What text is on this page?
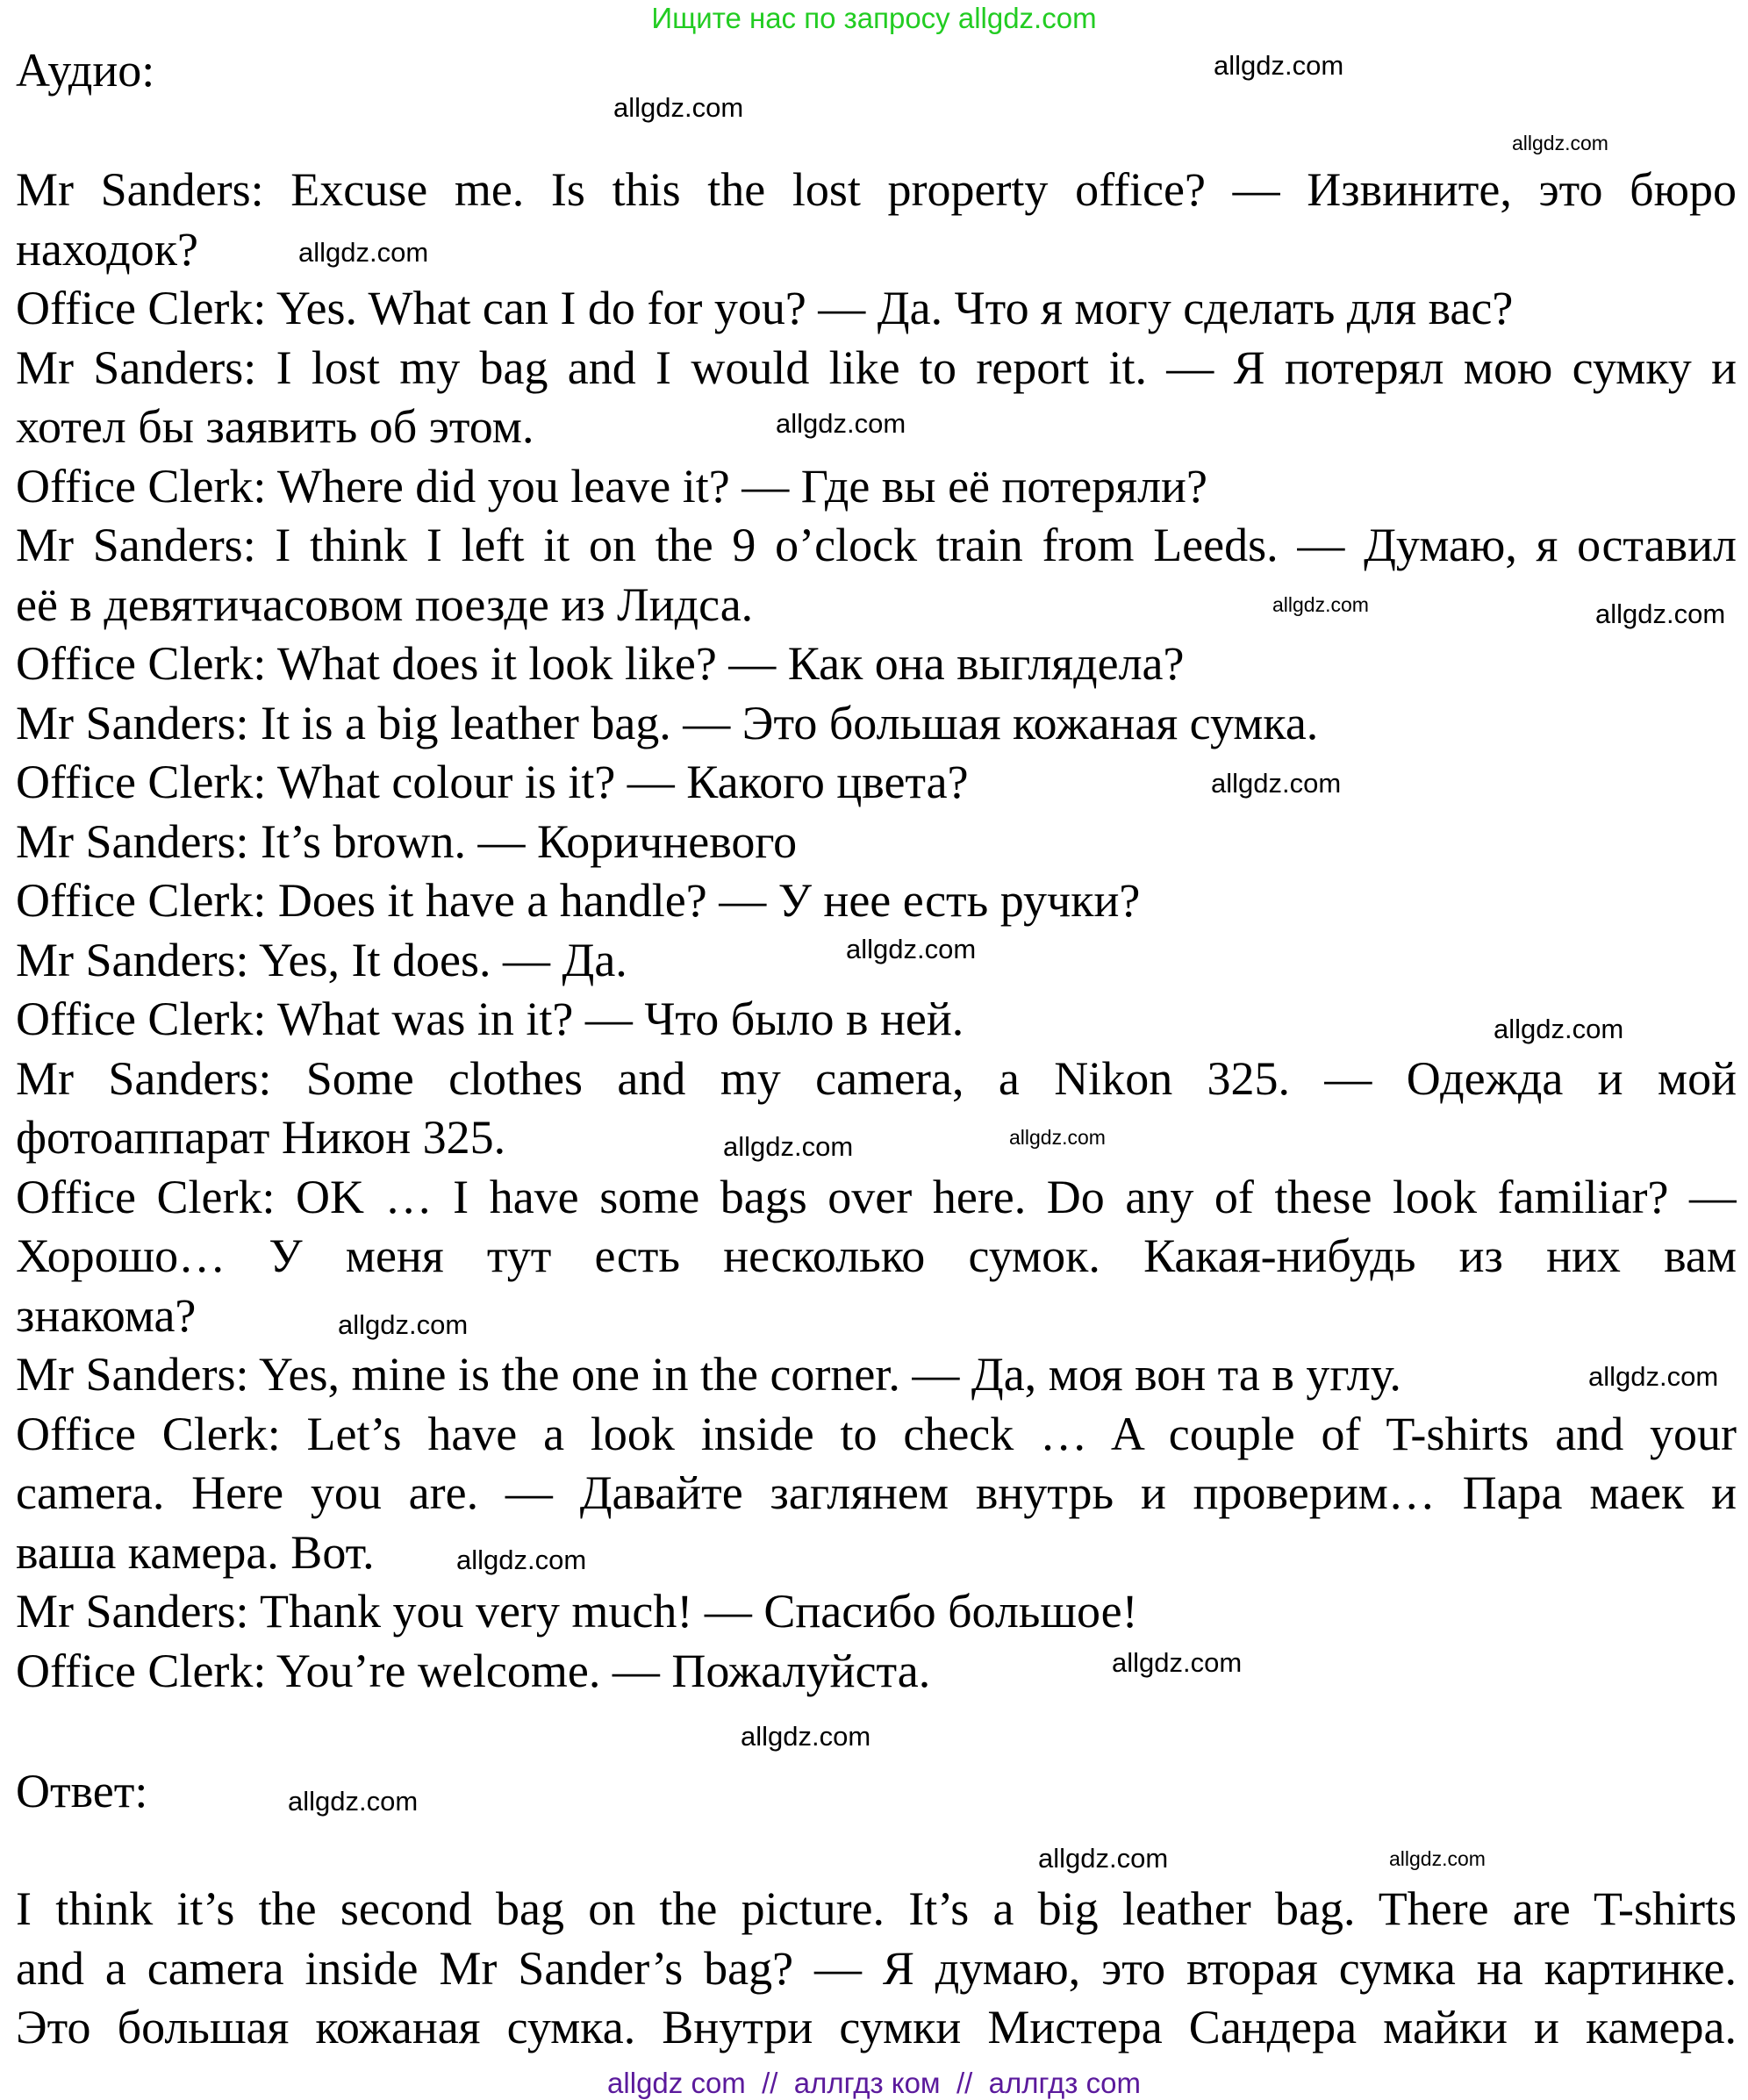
Ищите нас по запросу allgdz.com
Аудио:
Mr Sanders: Excuse me. Is this the lost property office? — Извините, это бюро
находок?
Office Clerk: Yes. What can I do for you? — Да. Что я могу сделать для вас?
Mr Sanders: I lost my bag and I would like to report it. — Я потерял мою сумку и
хотел бы заявить об этом.
Office Clerk: Where did you leave it? — Где вы её потеряли?
Mr Sanders: I think I left it on the 9 o’clock train from Leeds. — Думаю, я оставил
её в девятичасовом поезде из Лидса.
Office Clerk: What does it look like? — Как она выглядела?
Mr Sanders: It is a big leather bag. — Это большая кожаная сумка.
Office Clerk: What colour is it? — Какого цвета?
Mr Sanders: It’s brown. — Коричневого
Office Clerk: Does it have a handle? — У нее есть ручки?
Mr Sanders: Yes, It does. — Да.
Office Clerk: What was in it? — Что было в ней.
Mr Sanders: Some clothes and my camera, a Nikon 325. — Одежда и мой
фотоаппарат Никон 325.
Office Clerk: OK … I have some bags over here. Do any of these look familiar? —
Хорошо… У меня тут есть несколько сумок. Какая-нибудь из них вам
знакома?
Mr Sanders: Yes, mine is the one in the corner. — Да, моя вон та в углу.
Office Clerk: Let’s have a look inside to check … A couple of T-shirts and your
camera. Here you are. — Давайте заглянем внутрь и проверим… Пара маек и
ваша камера. Вот.
Mr Sanders: Thank you very much! — Спасибо большое!
Office Clerk: You’re welcome. — Пожалуйста.
Ответ:
I think it’s the second bag on the picture. It’s a big leather bag. There are T-shirts
and a camera inside Mr Sander’s bag? — Я думаю, это вторая сумка на картинке.
Это большая кожаная сумка. Внутри сумки Мистера Сандера майки и камера.
allgdz.com
allgdz.com
allgdz.com
allgdz.com
allgdz.com
allgdz.com	allgdz.com
allgdz.com
allgdz.com
allgdz.com
allgdz.com
allgdz.com
allgdz.com
allgdz.com
allgdz.com
allgdz.com
allgdz.com
allgdz.com
allgdz.com	allgdz.com
allgdz com  //  аллгдз ком  //  аллгдз com
